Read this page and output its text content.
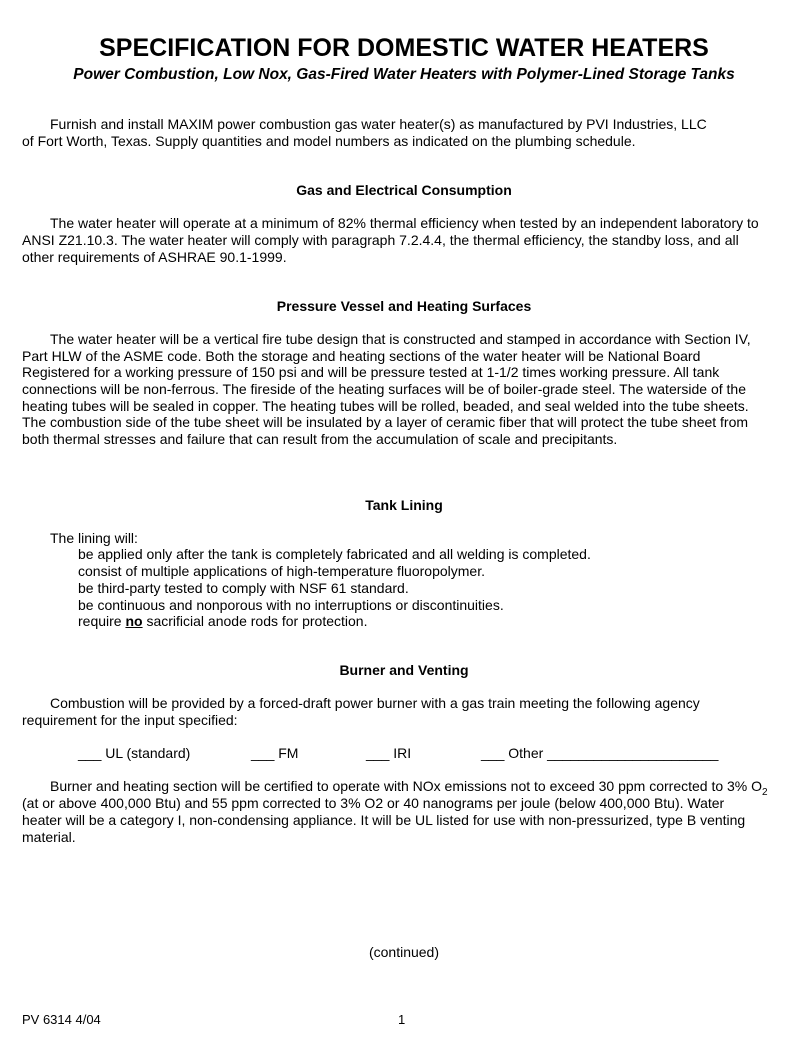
SPECIFICATION FOR DOMESTIC WATER HEATERS
Power Combustion, Low Nox, Gas-Fired Water Heaters with Polymer-Lined Storage Tanks
Furnish and install MAXIM power combustion gas water heater(s) as manufactured by PVI Industries, LLC
of Fort Worth, Texas. Supply quantities and model numbers as indicated on the plumbing schedule.
Gas and Electrical Consumption
The water heater will operate at a minimum of 82% thermal efficiency when tested by an independent laboratory to
ANSI Z21.10.3. The water heater will comply with paragraph 7.2.4.4, the thermal efficiency, the standby loss, and all
other requirements of ASHRAE 90.1-1999.
Pressure Vessel and Heating Surfaces
The water heater will be a vertical fire tube design that is constructed and stamped in accordance with Section IV,
Part HLW of the ASME code. Both the storage and heating sections of the water heater will be National Board
Registered for a working pressure of 150 psi and will be pressure tested at 1-1/2 times working pressure. All tank
connections will be non-ferrous. The fireside of the heating surfaces will be of boiler-grade steel. The waterside of the
heating tubes will be sealed in copper. The heating tubes will be rolled, beaded, and seal welded into the tube sheets.
The combustion side of the tube sheet will be insulated by a layer of ceramic fiber that will protect the tube sheet from
both thermal stresses and failure that can result from the accumulation of scale and precipitants.
Tank Lining
The lining will:
be applied only after the tank is completely fabricated and all welding is completed.
consist of multiple applications of high-temperature fluoropolymer.
be third-party tested to comply with NSF 61 standard.
be continuous and nonporous with no interruptions or discontinuities.
require no sacrificial anode rods for protection.
Burner and Venting
Combustion will be provided by a forced-draft power burner with a gas train meeting the following agency
requirement for the input specified:
___ UL (standard)	___ FM	___ IRI	___ Other ______________________
Burner and heating section will be certified to operate with NOx emissions not to exceed 30 ppm corrected to 3% $O_2$
(at or above 400,000 Btu) and 55 ppm corrected to 3% O2 or 40 nanograms per joule (below 400,000 Btu). Water
heater will be a category I, non-condensing appliance. It will be UL listed for use with non-pressurized, type B venting
material.
(continued)
PV 6314 4/04	1
